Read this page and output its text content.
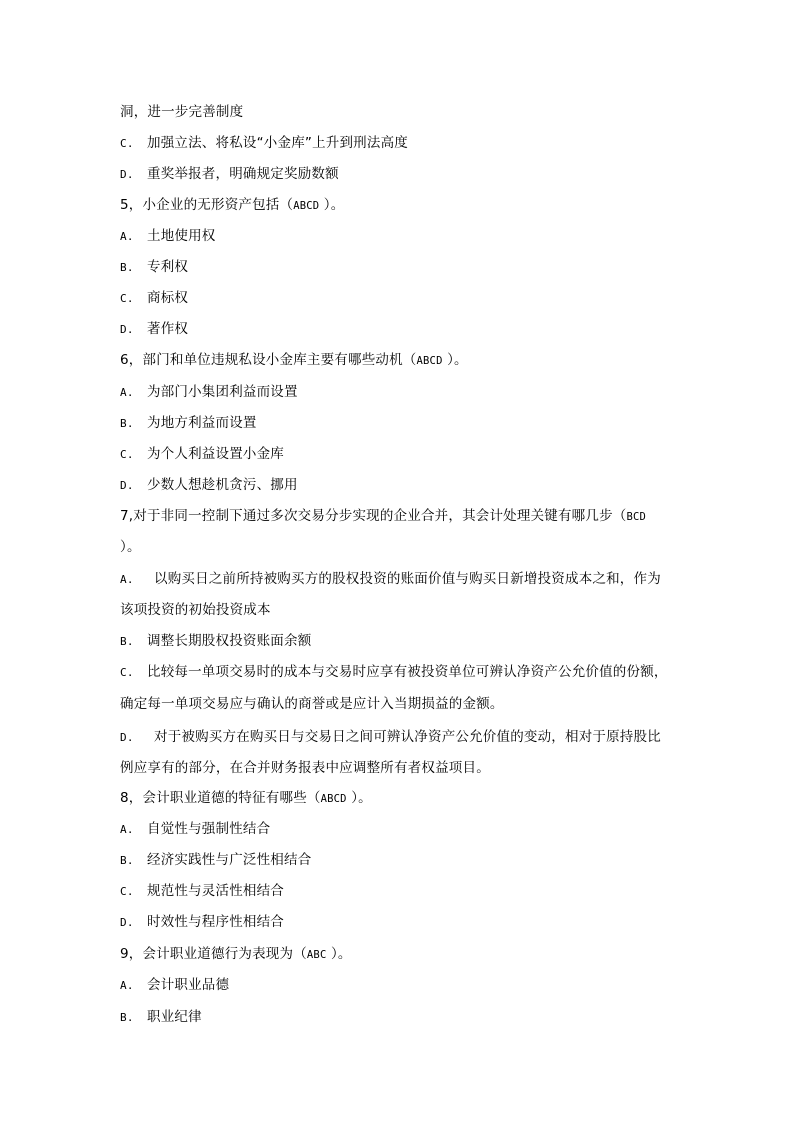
洞，进一步完善制度
C. 加强立法、将私设“小金库”上升到刑法高度
D. 重奖举报者，明确规定奖励数额
5，小企业的无形资产包括（ABCD ）。
A. 土地使用权
B. 专利权
C. 商标权
D. 著作权
6，部门和单位违规私设小金库主要有哪些动机（ABCD ）。
A. 为部门小集团利益而设置
B. 为地方利益而设置
C. 为个人利益设置小金库
D. 少数人想趁机贪污、挪用
7,对于非同一控制下通过多次交易分步实现的企业合并，其会计处理关键有哪几步（BCD
）。
A. 以购买日之前所持被购买方的股权投资的账面价值与购买日新增投资成本之和，作为
该项投资的初始投资成本
B. 调整长期股权投资账面余额
C. 比较每一单项交易时的成本与交易时应享有被投资单位可辨认净资产公允价值的份额，
确定每一单项交易应与确认的商誉或是应计入当期损益的金额。
D. 对于被购买方在购买日与交易日之间可辨认净资产公允价值的变动，相对于原持股比
例应享有的部分，在合并财务报表中应调整所有者权益项目。
8，会计职业道德的特征有哪些（ABCD ）。
A. 自觉性与强制性结合
B. 经济实践性与广泛性相结合
C. 规范性与灵活性相结合
D. 时效性与程序性相结合
9，会计职业道德行为表现为（ABC ）。
A. 会计职业品德
B. 职业纪律
